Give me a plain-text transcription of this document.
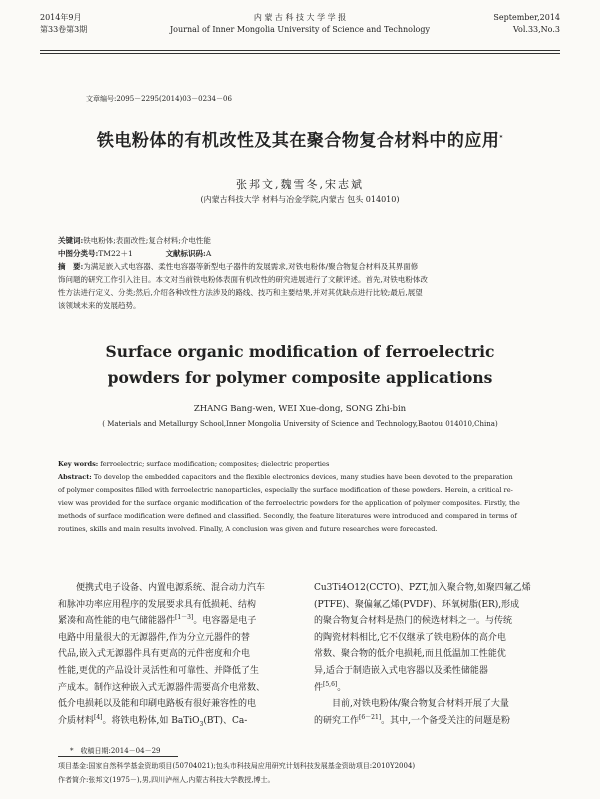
2014年9月
第33卷第3期
内 蒙 古 科 技 大 学 学 报
Journal of Inner Mongolia University of Science and Technology
September,2014
Vol.33,No.3
文章编号:2095－2295(2014)03－0234－06
铁电粉体的有机改性及其在聚合物复合材料中的应用*
张邦文,魏雪冬,宋志斌
(内蒙古科技大学 材料与冶金学院,内蒙古 包头 014010)
关键词:铁电粉体;表面改性;复合材料;介电性能
中图分类号:TM22＋1	文献标识码:A
摘　要:为满足嵌入式电容器、柔性电容器等新型电子器件的发展需求,对铁电粉体/聚合物复合材料及其界面修
饰问题的研究工作引入注目。本文对当前铁电粉体表面有机改性的研究进展进行了文献评述。首先,对铁电粉体改
性方法进行定义、分类;然后,介绍各种改性方法涉及的路线、技巧和主要结果,并对其优缺点进行比较;最后,展望
该领域未来的发展趋势。
Surface organic modification of ferroelectric
powders for polymer composite applications
ZHANG Bang-wen, WEI Xue-dong, SONG Zhi-bin
( Materials and Metallurgy School,Inner Mongolia University of Science and Technology,Baotou 014010,China)
Key words: ferroelectric; surface modification; composites; dielectric properties
Abstract: To develop the embedded capacitors and the flexible electronics devices, many studies have been devoted to the preparation
of polymer composites filled with ferroelectric nanoparticles, especially the surface modification of these powders. Herein, a critical re-
view was provided for the surface organic modification of the ferroelectric powders for the application of polymer composites. Firstly, the
methods of surface modification were defined and classified. Secondly, the feature literatures were introduced and compared in terms of
routines, skills and main results involved. Finally, A conclusion was given and future researches were forecasted.
便携式电子设备、内置电源系统、混合动力汽车
和脉冲功率应用程序的发展要求具有低损耗、结构
紧凑和高性能的电气储能器件[1－3]。电容器是电子
电路中用量很大的无源器件,作为分立元器件的替
代品,嵌入式无源器件具有更高的元件密度和介电
性能,更优的产品设计灵活性和可靠性、并降低了生
产成本。制作这种嵌入式无源器件需要高介电常数、
低介电损耗以及能和印刷电路板有很好兼容性的电
介质材料[4]。将铁电粉体,如 BaTiO$_3$(BT)、Ca-
Cu3Ti4O12(CCTO)、PZT,加入聚合物,如聚四氟乙烯
(PTFE)、聚偏氟乙烯(PVDF)、环氧树脂(ER),形成
的聚合物复合材料是热门的候选材料之一。与传统
的陶瓷材料相比,它不仅继承了铁电粉体的高介电
常数、聚合物的低介电损耗,而且低温加工性能优
异,适合于制造嵌入式电容器以及柔性储能器
件[5,6]。
　　目前,对铁电粉体/聚合物复合材料开展了大量
的研究工作[6－21]。其中,一个备受关注的问题是粉
*　收稿日期:2014－04－29
项目基金:国家自然科学基金资助项目(50704021);包头市科技局应用研究计划科技发展基金资助项目:2010Y2004)
作者简介:张邦文(1975－),男,四川泸州人,内蒙古科技大学教授,博士。
